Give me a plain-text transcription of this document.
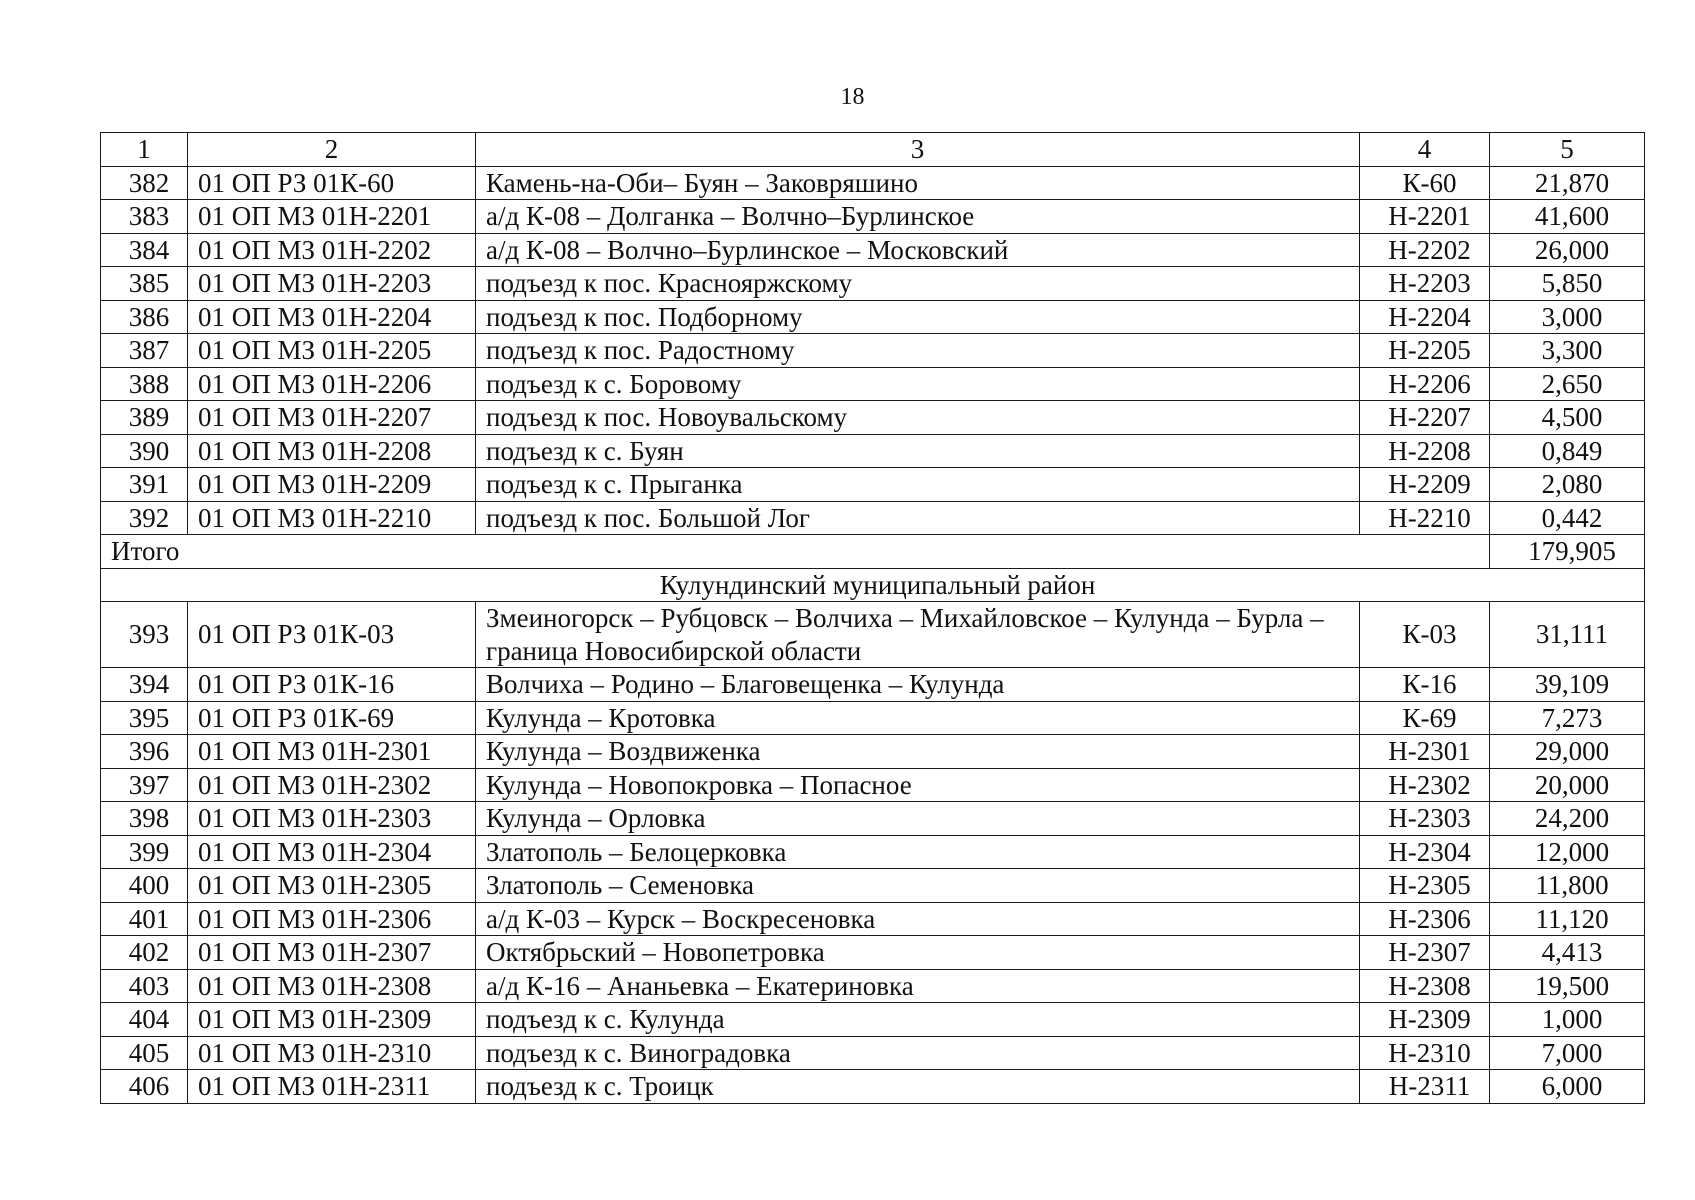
18
1	2	3	4	5
382	01 ОП РЗ 01К-60	Камень-на-Оби– Буян – Заковряшино	К-60	21,870
383	01 ОП МЗ 01Н-2201	а/д К-08 – Долганка – Волчно–Бурлинское	Н-2201	41,600
384	01 ОП МЗ 01Н-2202	а/д К-08 – Волчно–Бурлинское – Московский	Н-2202	26,000
385	01 ОП МЗ 01Н-2203	подъезд к пос. Краснояржскому	Н-2203	5,850
386	01 ОП МЗ 01Н-2204	подъезд к пос. Подборному	Н-2204	3,000
387	01 ОП МЗ 01Н-2205	подъезд к пос. Радостному	Н-2205	3,300
388	01 ОП МЗ 01Н-2206	подъезд к с. Боровому	Н-2206	2,650
389	01 ОП МЗ 01Н-2207	подъезд к пос. Новоувальскому	Н-2207	4,500
390	01 ОП МЗ 01Н-2208	подъезд к с. Буян	Н-2208	0,849
391	01 ОП МЗ 01Н-2209	подъезд к с. Прыганка	Н-2209	2,080
392	01 ОП МЗ 01Н-2210	подъезд к пос. Большой Лог	Н-2210	0,442
Итого				179,905
Кулундинский муниципальный район				
393	01 ОП РЗ 01К-03	Змеиногорск – Рубцовск – Волчиха – Михайловское – Кулунда – Бурла – граница Новосибирской области	К-03	31,111
394	01 ОП РЗ 01К-16	Волчиха – Родино – Благовещенка – Кулунда	К-16	39,109
395	01 ОП РЗ 01К-69	Кулунда – Кротовка	К-69	7,273
396	01 ОП МЗ 01Н-2301	Кулунда – Воздвиженка	Н-2301	29,000
397	01 ОП МЗ 01Н-2302	Кулунда – Новопокровка – Попасное	Н-2302	20,000
398	01 ОП МЗ 01Н-2303	Кулунда – Орловка	Н-2303	24,200
399	01 ОП МЗ 01Н-2304	Златополь – Белоцерковка	Н-2304	12,000
400	01 ОП МЗ 01Н-2305	Златополь – Семеновка	Н-2305	11,800
401	01 ОП МЗ 01Н-2306	а/д К-03 – Курск – Воскресеновка	Н-2306	11,120
402	01 ОП МЗ 01Н-2307	Октябрьский – Новопетровка	Н-2307	4,413
403	01 ОП МЗ 01Н-2308	а/д К-16 – Ананьевка – Екатериновка	Н-2308	19,500
404	01 ОП МЗ 01Н-2309	подъезд к с. Кулунда	Н-2309	1,000
405	01 ОП МЗ 01Н-2310	подъезд к с. Виноградовка	Н-2310	7,000
406	01 ОП МЗ 01Н-2311	подъезд к с. Троицк	Н-2311	6,000
